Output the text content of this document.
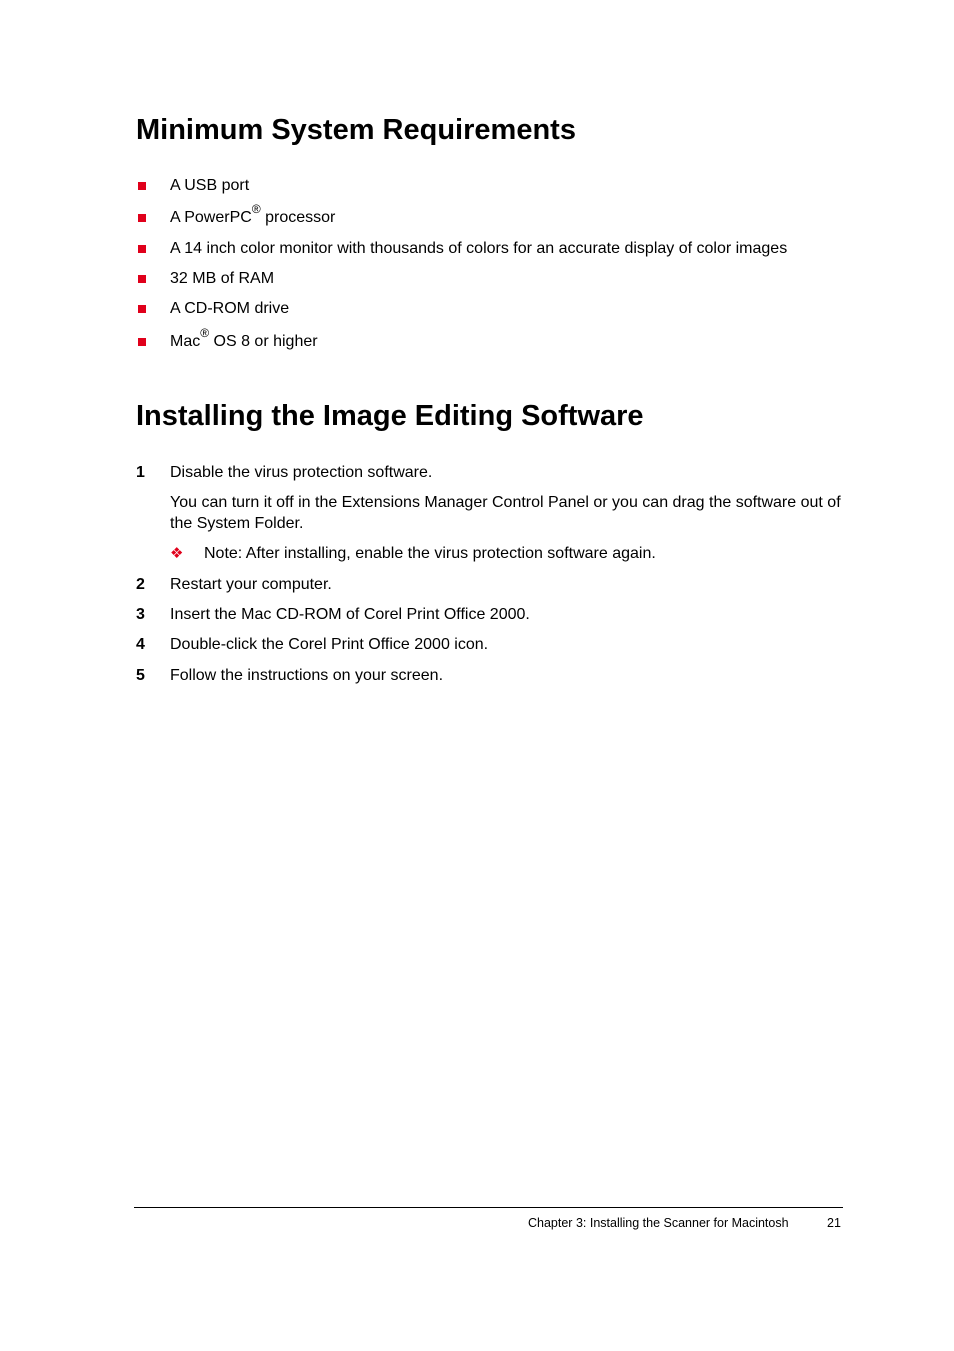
Minimum System Requirements
A USB port
A PowerPC® processor
A 14 inch color monitor with thousands of colors for an accurate display of color images
32 MB of RAM
A CD-ROM drive
Mac® OS 8 or higher
Installing the Image Editing Software
1 Disable the virus protection software.
You can turn it off in the Extensions Manager Control Panel or you can drag the software out of the System Folder.
❖ Note: After installing, enable the virus protection software again.
2 Restart your computer.
3 Insert the Mac CD-ROM of Corel Print Office 2000.
4 Double-click the Corel Print Office 2000 icon.
5 Follow the instructions on your screen.
Chapter 3: Installing the Scanner for Macintosh	21
